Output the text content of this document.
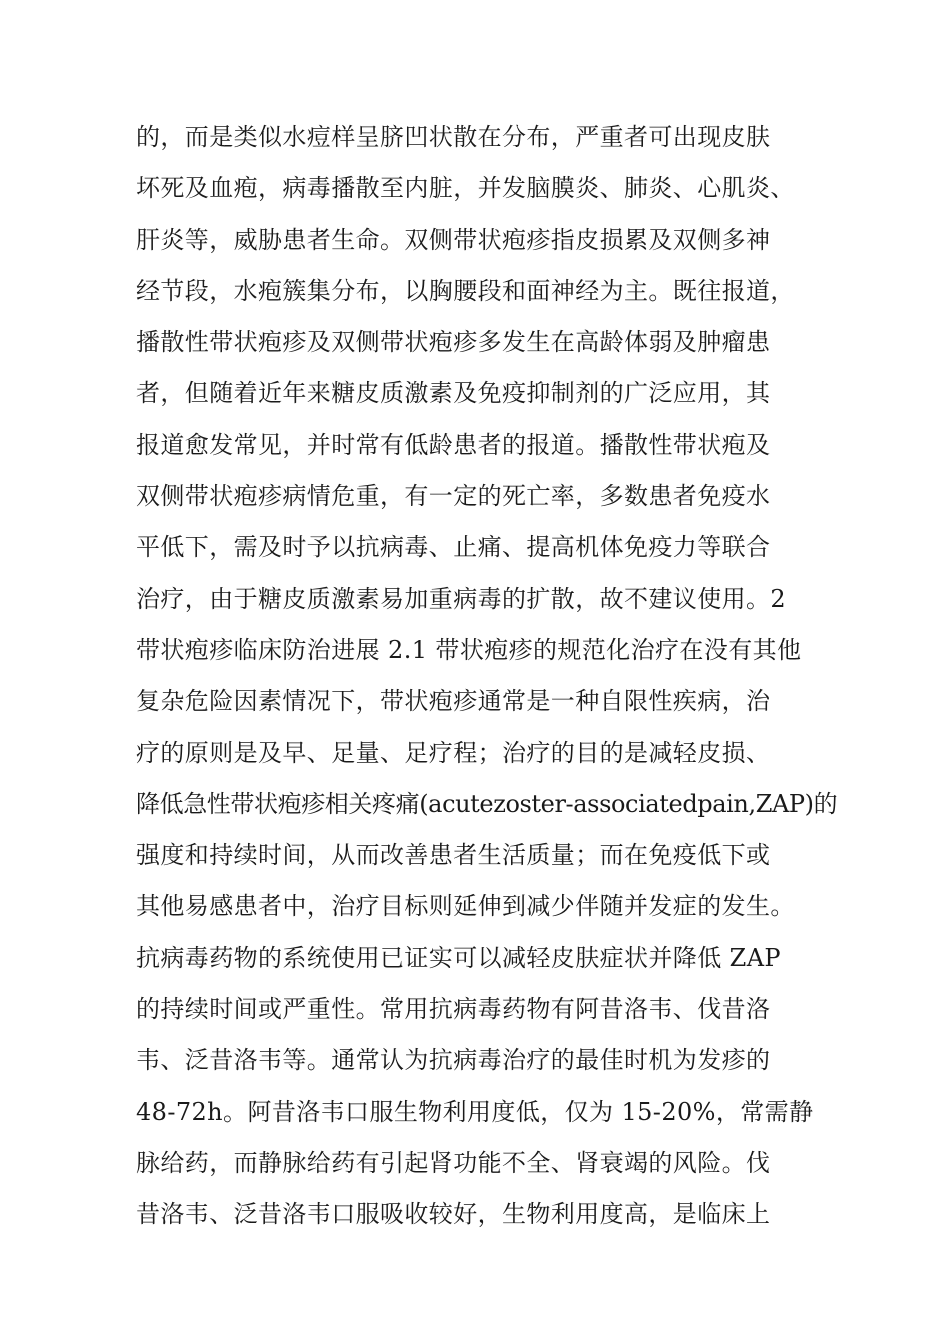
的，而是类似水痘样呈脐凹状散在分布，严重者可出现皮肤
坏死及血疱，病毒播散至内脏，并发脑膜炎、肺炎、心肌炎、
肝炎等，威胁患者生命。双侧带状疱疹指皮损累及双侧多神
经节段，水疱簇集分布，以胸腰段和面神经为主。既往报道，
播散性带状疱疹及双侧带状疱疹多发生在高龄体弱及肿瘤患
者，但随着近年来糖皮质激素及免疫抑制剂的广泛应用，其
报道愈发常见，并时常有低龄患者的报道。播散性带状疱及
双侧带状疱疹病情危重，有一定的死亡率，多数患者免疫水
平低下，需及时予以抗病毒、止痛、提高机体免疫力等联合
治疗，由于糖皮质激素易加重病毒的扩散，故不建议使用。2
带状疱疹临床防治进展 2.1 带状疱疹的规范化治疗在没有其他
复杂危险因素情况下，带状疱疹通常是一种自限性疾病，治
疗的原则是及早、足量、足疗程；治疗的目的是减轻皮损、
降低急性带状疱疹相关疼痛(acutezoster-associatedpain,ZAP)的
强度和持续时间，从而改善患者生活质量；而在免疫低下或
其他易感患者中，治疗目标则延伸到减少伴随并发症的发生。
抗病毒药物的系统使用已证实可以减轻皮肤症状并降低 ZAP
的持续时间或严重性。常用抗病毒药物有阿昔洛韦、伐昔洛
韦、泛昔洛韦等。通常认为抗病毒治疗的最佳时机为发疹的
48-72h。阿昔洛韦口服生物利用度低，仅为 15-20%，常需静
脉给药，而静脉给药有引起肾功能不全、肾衰竭的风险。伐
昔洛韦、泛昔洛韦口服吸收较好，生物利用度高，是临床上
